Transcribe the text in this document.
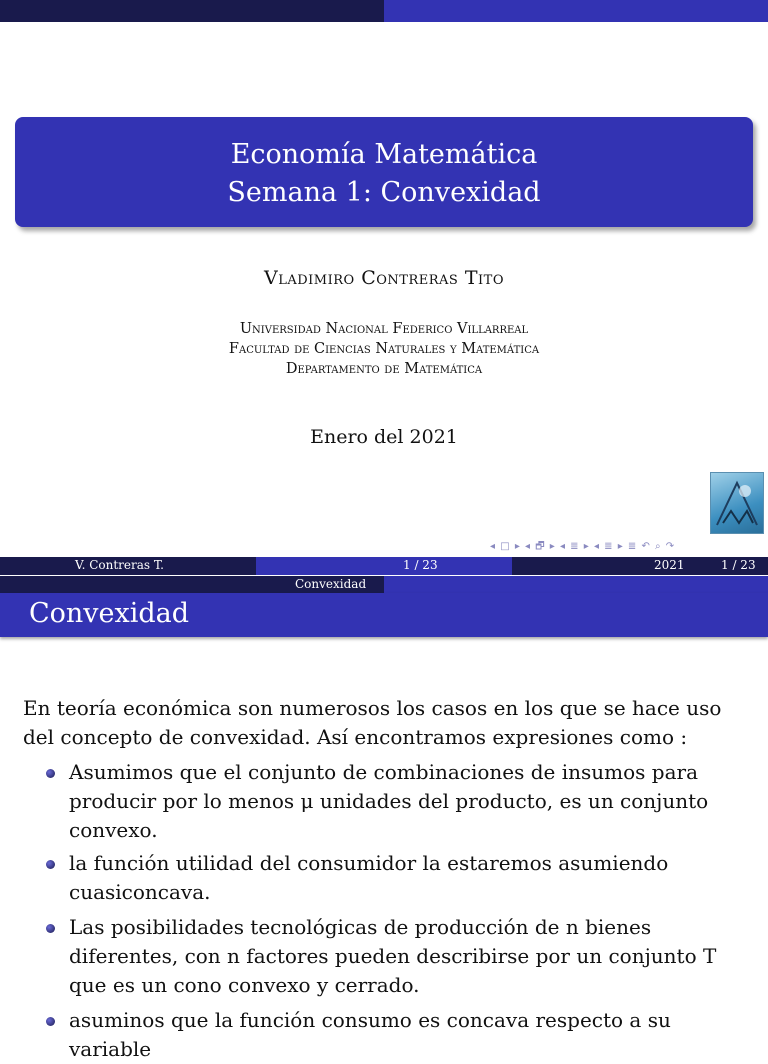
Economía Matemática
Semana 1: Convexidad
Vladimiro Contreras Tito
Universidad Nacional Federico Villarreal
Facultad de Ciencias Naturales y Matemática
Departamento de Matemática
Enero del 2021
◂ □ ▸ ◂ 🗗 ▸ ◂ ≣ ▸ ◂ ≣ ▸ ≣ ↶ ⌕ ↷
V. Contreras T.	1 / 23	2021	1 / 23
Convexidad
Convexidad

En teoría económica son numerosos los casos en los que se hace uso del concepto de convexidad. Así encontramos expresiones como :

Asumimos que el conjunto de combinaciones de insumos para producir por lo menos μ unidades del producto, es un conjunto convexo.
la función utilidad del consumidor la estaremos asumiendo cuasiconcava.
Las posibilidades tecnológicas de producción de n bienes diferentes, con n factores pueden describirse por un conjunto T que es un cono convexo y cerrado.
asuminos que la función consumo es concava respecto a su variable
